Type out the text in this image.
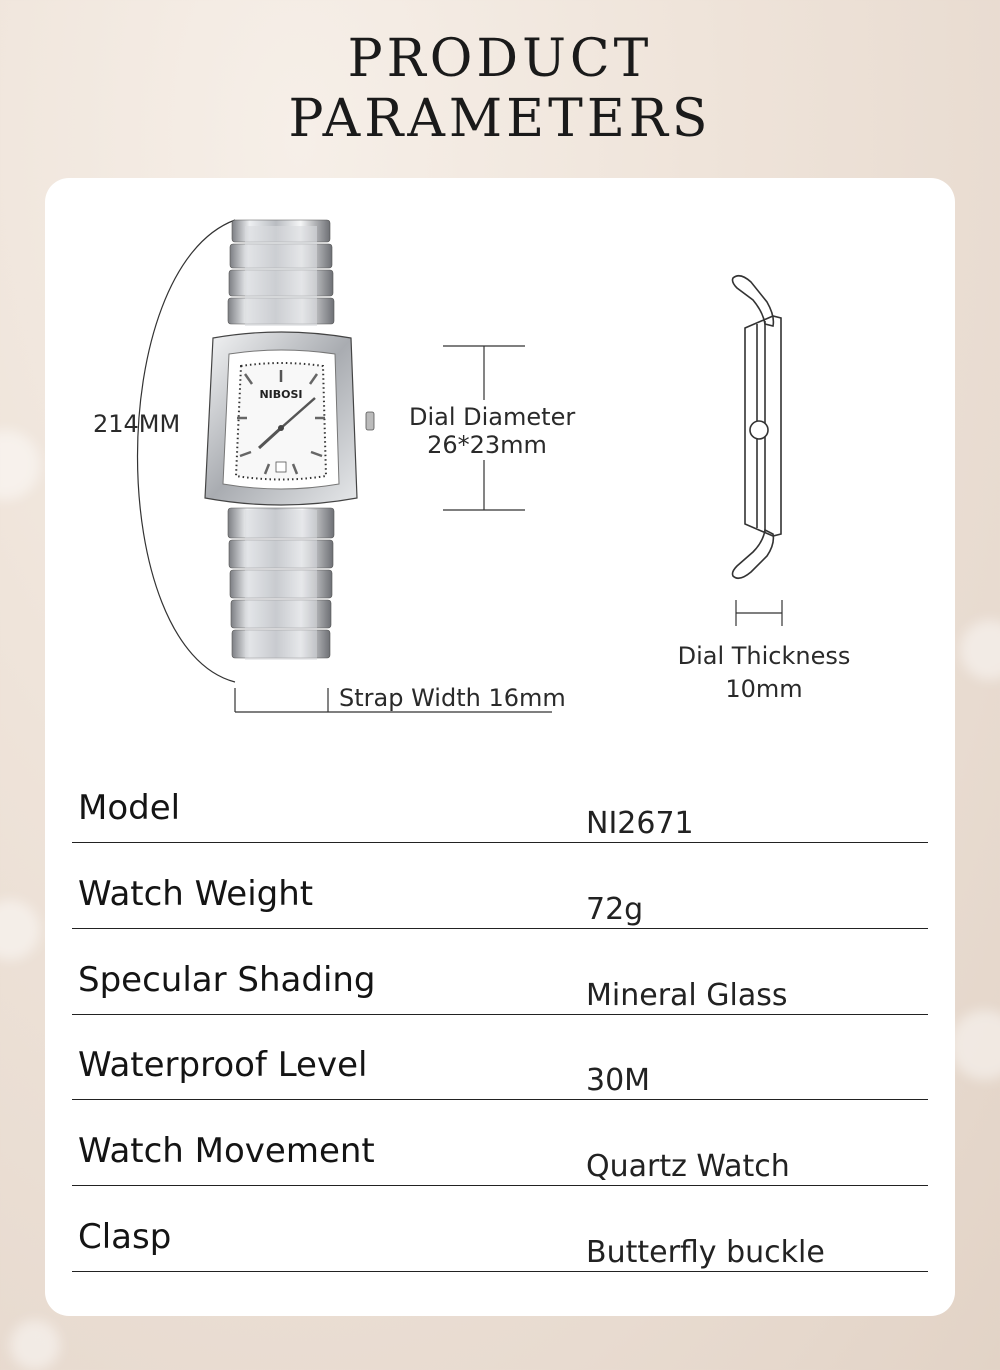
PRODUCT
PARAMETERS
NIBOSI
214MM	Dial Diameter
26*23mm
Strap Width 16mm
Dial Thickness
10mm
Model	NI2671
Watch Weight	72g
Specular Shading	Mineral Glass
Waterproof Level	30M
Watch Movement	Quartz Watch
Clasp	Butterfly buckle
